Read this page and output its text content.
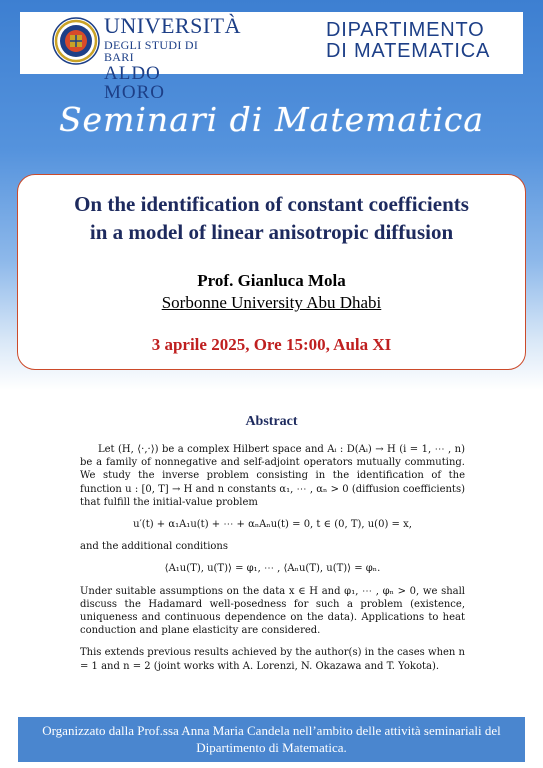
UNIVERSITÀ
DEGLI STUDI DI BARI
ALDO MORO
DIPARTIMENTO
DI MATEMATICA
Seminari di Matematica
On the identification of constant coefficients
in a model of linear anisotropic diffusion
Prof. Gianluca Mola
Sorbonne University Abu Dhabi
3 aprile 2025, Ore 15:00, Aula XI
Abstract

Let (H, ⟨·,·⟩) be a complex Hilbert space and Aᵢ : D(Aᵢ) → H (i = 1, ⋯ , n) be a family of nonnegative and self-adjoint operators mutually commuting. We study the inverse problem consisting in the identification of the function u : [0, T] → H and n constants α₁, ⋯ , αₙ > 0 (diffusion coefficients) that fulfill the initial-value problem

u′(t) + α₁A₁u(t) + ⋯ + αₙAₙu(t) = 0, t ∈ (0, T), u(0) = x,

and the additional conditions

⟨A₁u(T), u(T)⟩ = φ₁, ⋯ , ⟨Aₙu(T), u(T)⟩ = φₙ.

Under suitable assumptions on the data x ∈ H and φ₁, ⋯ , φₙ > 0, we shall discuss the Hadamard well-posedness for such a problem (existence, uniqueness and continuous dependence on the data). Applications to heat conduction and plane elasticity are considered.

This extends previous results achieved by the author(s) in the cases when n = 1 and n = 2 (joint works with A. Lorenzi, N. Okazawa and T. Yokota).

Organizzato dalla Prof.ssa Anna Maria Candela nell’ambito delle attività seminariali del
Dipartimento di Matematica.
